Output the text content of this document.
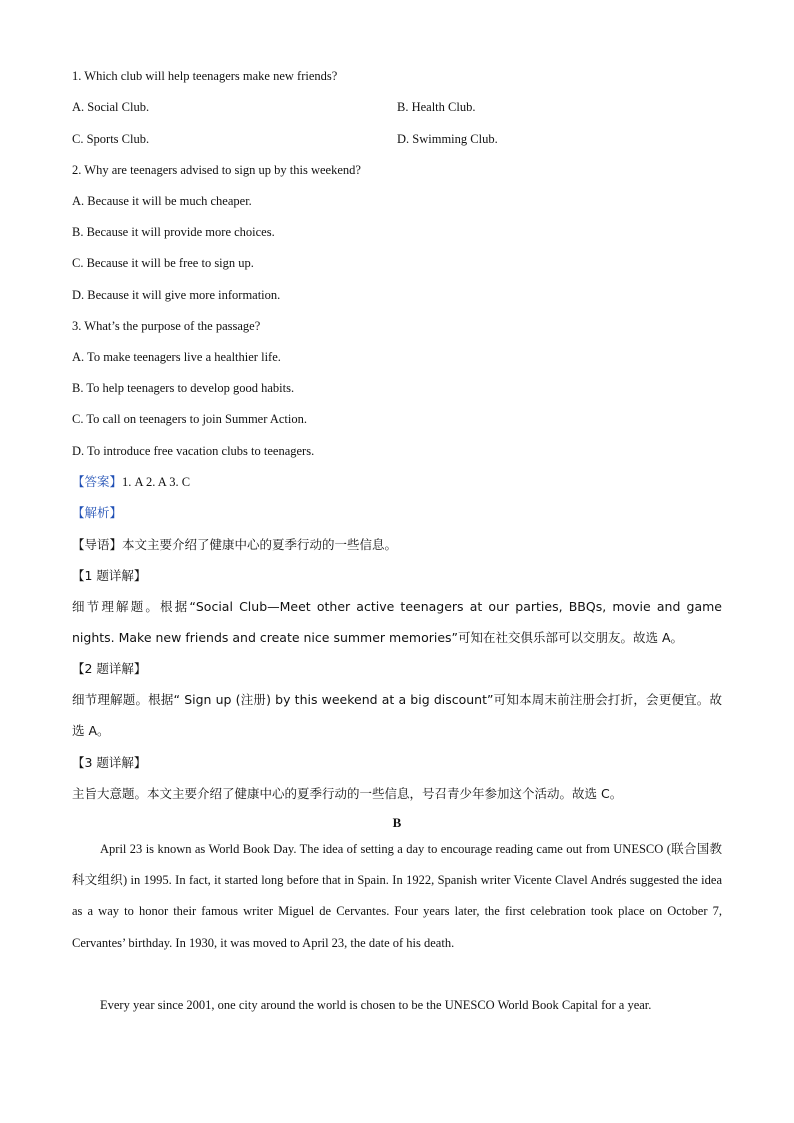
1. Which club will help teenagers make new friends?
A. Social Club.	B. Health Club.
C. Sports Club.	D. Swimming Club.
2. Why are teenagers advised to sign up by this weekend?
A. Because it will be much cheaper.
B. Because it will provide more choices.
C. Because it will be free to sign up.
D. Because it will give more information.
3. What’s the purpose of the passage?
A. To make teenagers live a healthier life.
B. To help teenagers to develop good habits.
C. To call on teenagers to join Summer Action.
D. To introduce free vacation clubs to teenagers.
【答案】1. A 2. A 3. C
【解析】
【导语】本文主要介绍了健康中心的夏季行动的一些信息。
【1 题详解】
细节理解题。根据“Social Club—Meet other active teenagers at our parties, BBQs, movie and game nights. Make new friends and create nice summer memories”可知在社交俱乐部可以交朋友。故选 A。
【2 题详解】
细节理解题。根据“ Sign up (注册) by this weekend at a big discount”可知本周末前注册会打折，会更便宜。故选 A。
【3 题详解】
主旨大意题。本文主要介绍了健康中心的夏季行动的一些信息，号召青少年参加这个活动。故选 C。
B
April 23 is known as World Book Day. The idea of setting a day to encourage reading came out from UNESCO (联合国教科文组织) in 1995. In fact, it started long before that in Spain. In 1922, Spanish writer Vicente Clavel Andrés suggested the idea as a way to honor their famous writer Miguel de Cervantes. Four years later, the first celebration took place on October 7, Cervantes’ birthday. In 1930, it was moved to April 23, the date of his death.
Every year since 2001, one city around the world is chosen to be the UNESCO World Book Capital for a year.
